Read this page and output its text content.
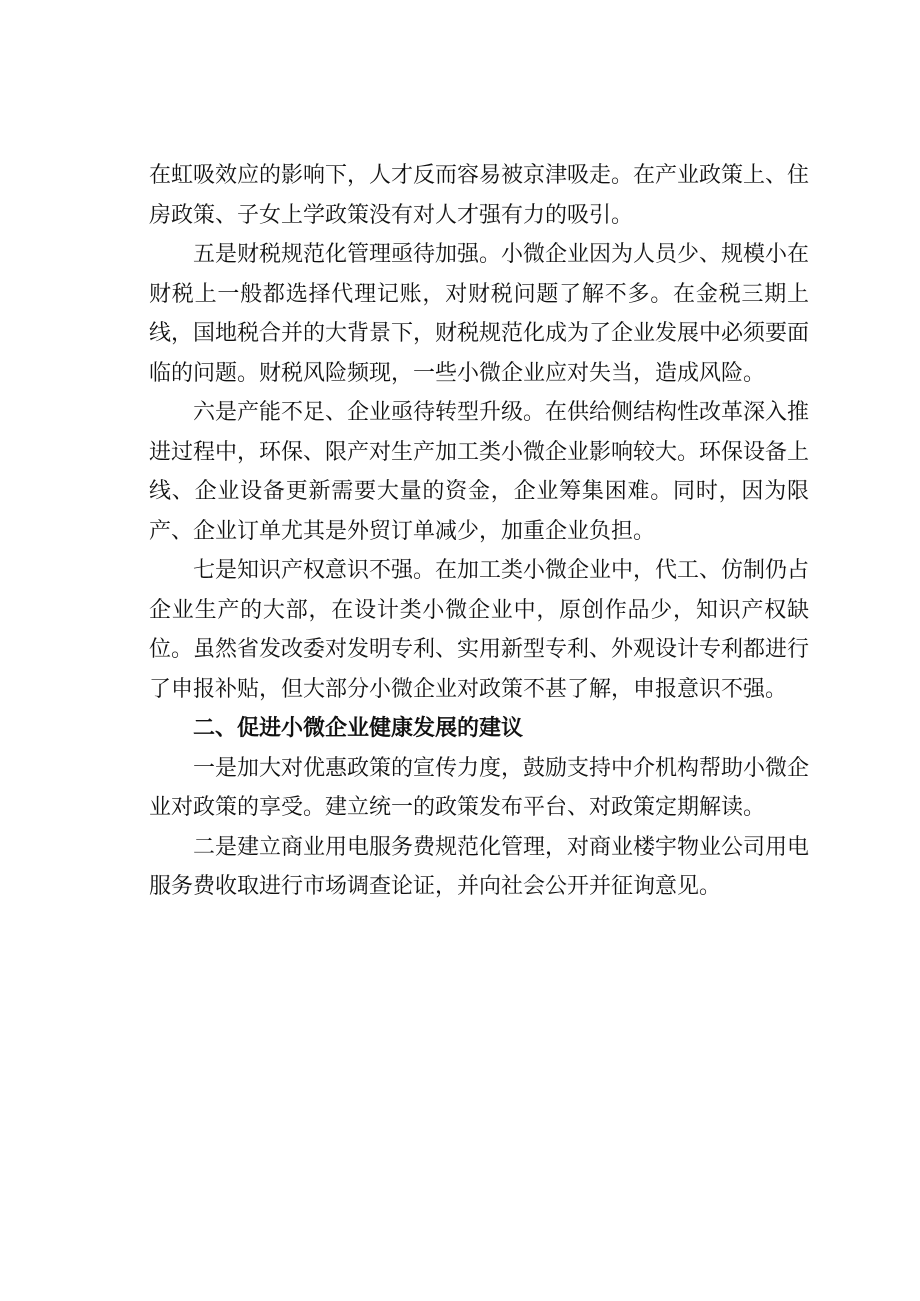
在虹吸效应的影响下，人才反而容易被京津吸走。在产业政策上、住房政策、子女上学政策没有对人才强有力的吸引。

五是财税规范化管理亟待加强。小微企业因为人员少、规模小在财税上一般都选择代理记账，对财税问题了解不多。在金税三期上线，国地税合并的大背景下，财税规范化成为了企业发展中必须要面临的问题。财税风险频现，一些小微企业应对失当，造成风险。

六是产能不足、企业亟待转型升级。在供给侧结构性改革深入推进过程中，环保、限产对生产加工类小微企业影响较大。环保设备上线、企业设备更新需要大量的资金，企业筹集困难。同时，因为限产、企业订单尤其是外贸订单减少，加重企业负担。

七是知识产权意识不强。在加工类小微企业中，代工、仿制仍占企业生产的大部，在设计类小微企业中，原创作品少，知识产权缺位。虽然省发改委对发明专利、实用新型专利、外观设计专利都进行了申报补贴，但大部分小微企业对政策不甚了解，申报意识不强。

二、促进小微企业健康发展的建议

一是加大对优惠政策的宣传力度，鼓励支持中介机构帮助小微企业对政策的享受。建立统一的政策发布平台、对政策定期解读。

二是建立商业用电服务费规范化管理，对商业楼宇物业公司用电服务费收取进行市场调查论证，并向社会公开并征询意见。
